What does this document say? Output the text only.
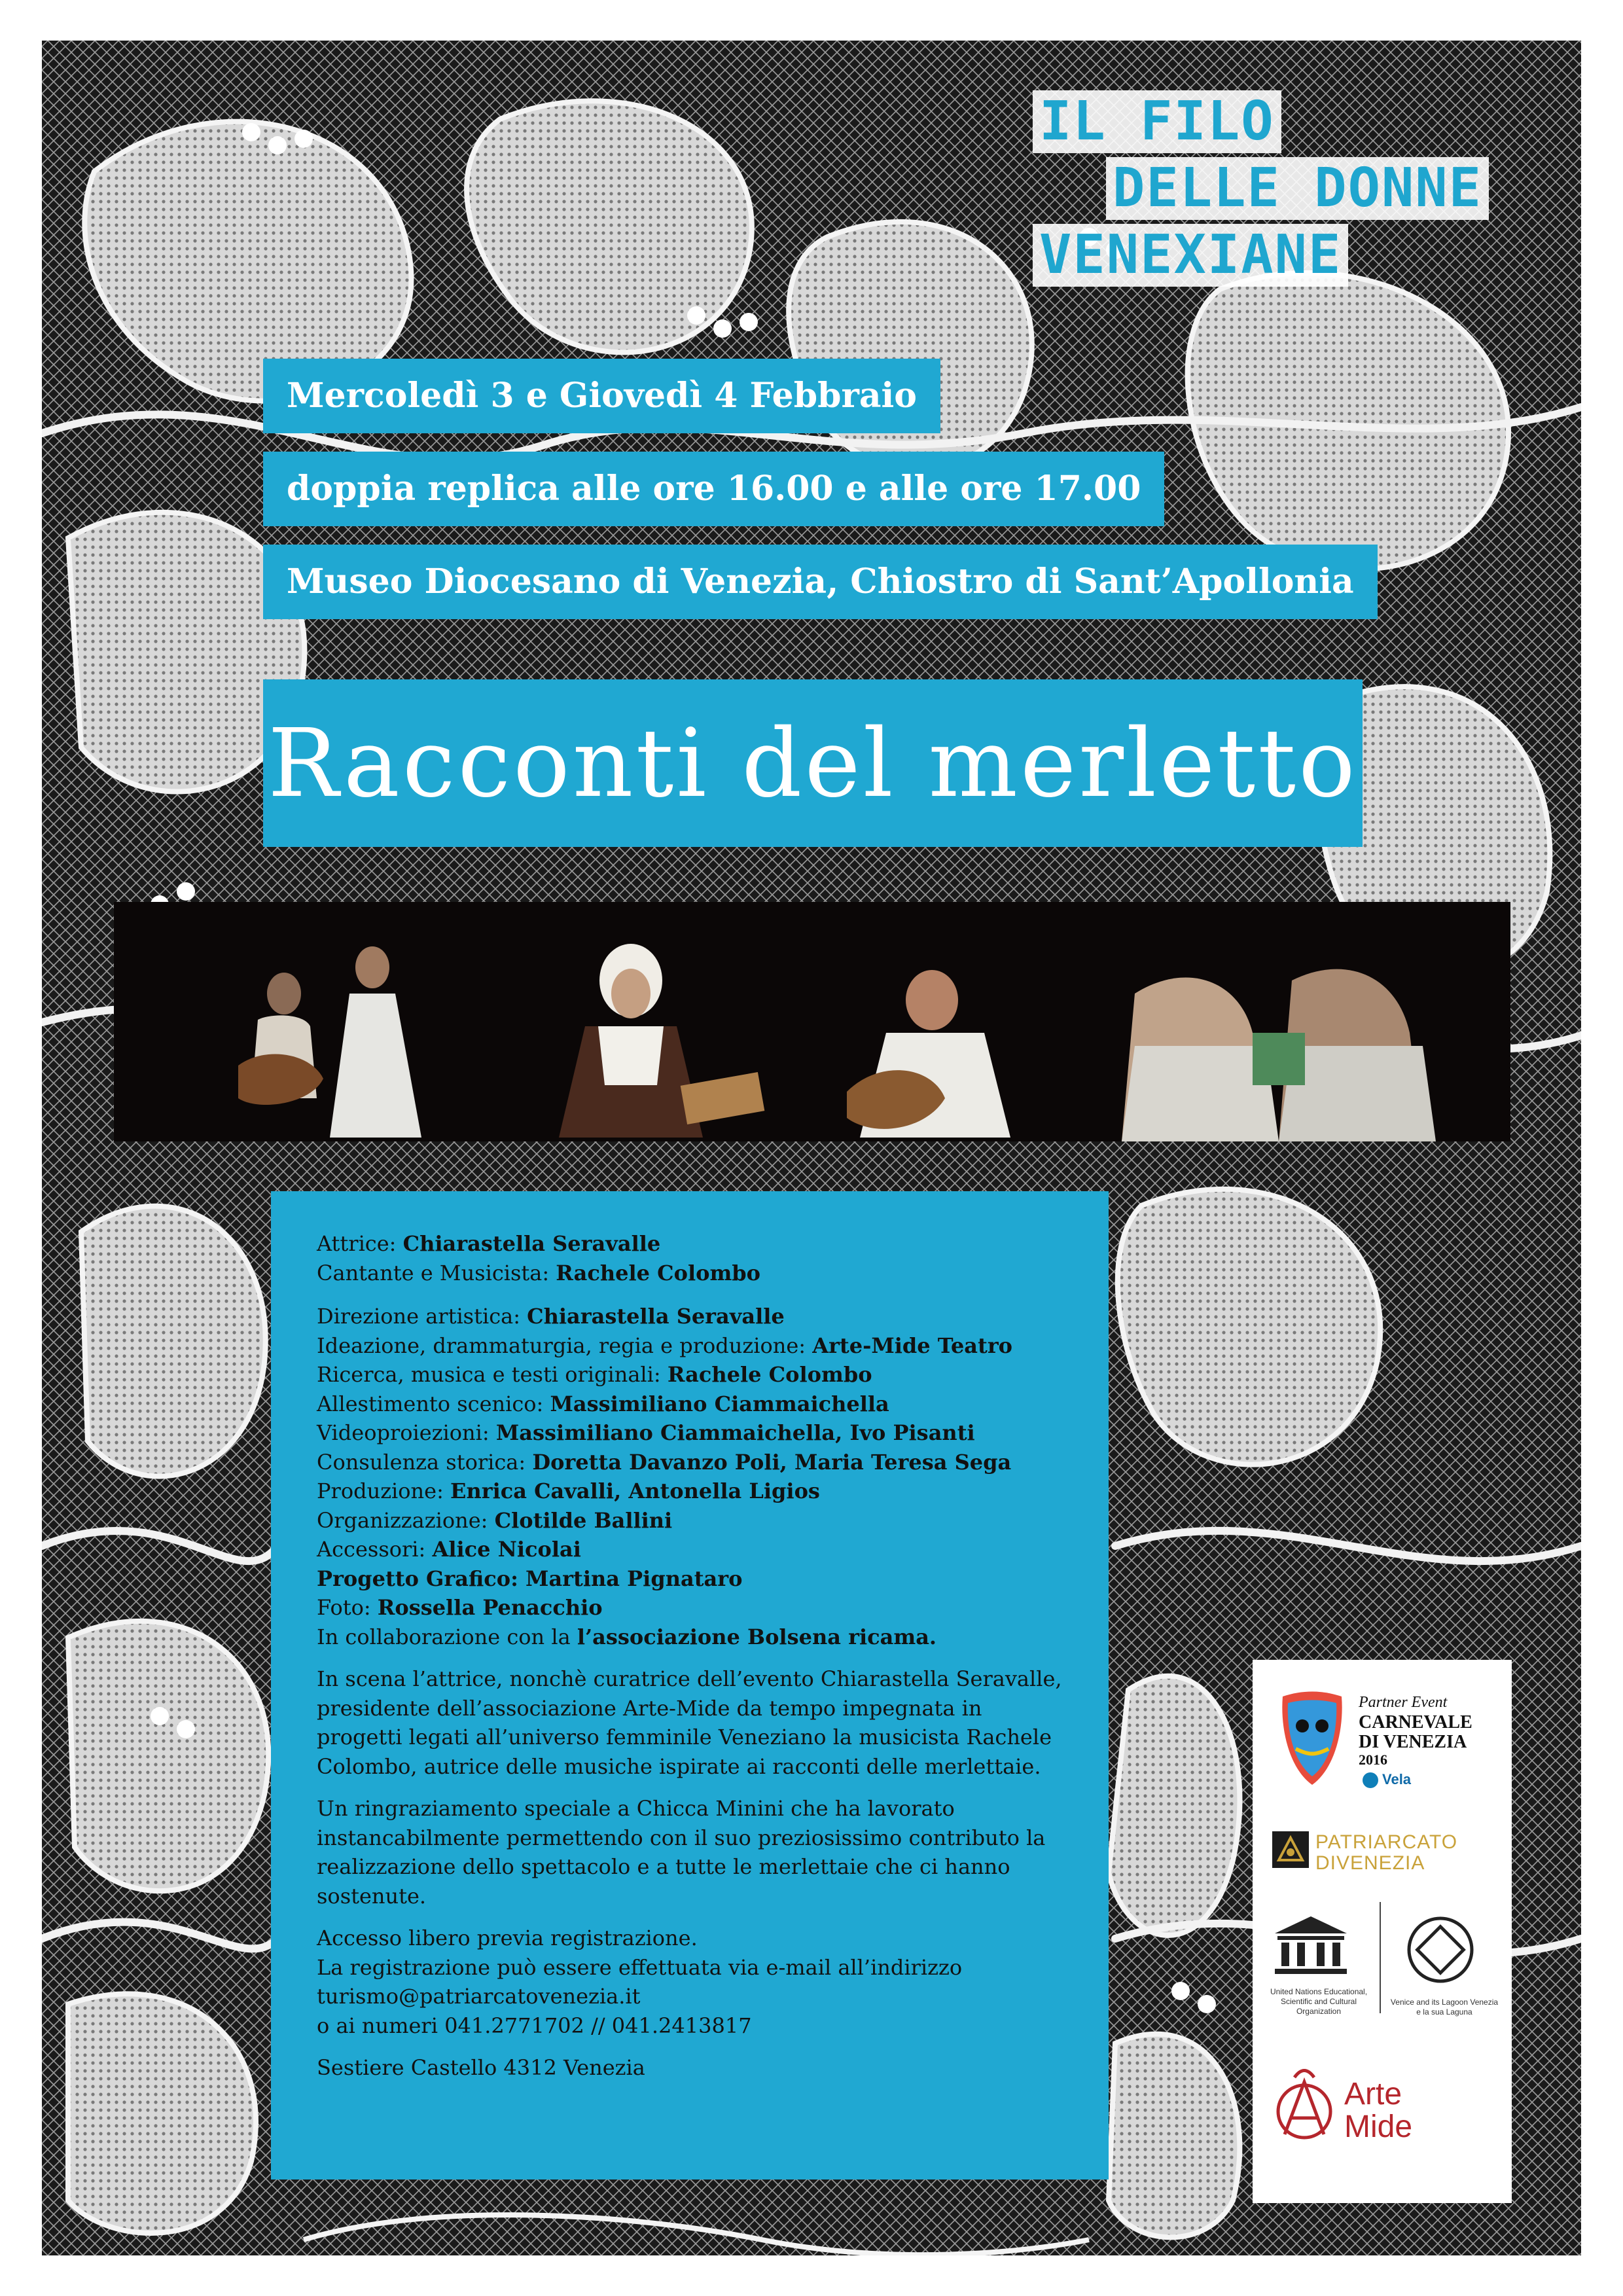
IL FILO
DELLE DONNE
VENEXIANE
Mercoledì 3 e Giovedì 4 Febbraio
doppia replica alle ore 16.00 e alle ore 17.00
Museo Diocesano di Venezia, Chiostro di Sant’Apollonia
Racconti del merletto
Attrice: Chiarastella Seravalle
Cantante e Musicista: Rachele Colombo
Direzione artistica: Chiarastella Seravalle
Ideazione, drammaturgia, regia e produzione: Arte-Mide Teatro
Ricerca, musica e testi originali: Rachele Colombo
Allestimento scenico: Massimiliano Ciammaichella
Videoproiezioni: Massimiliano Ciammaichella, Ivo Pisanti
Consulenza storica: Doretta Davanzo Poli, Maria Teresa Sega
Produzione: Enrica Cavalli, Antonella Ligios
Organizzazione: Clotilde Ballini
Accessori: Alice Nicolai
Progetto Grafico: Martina Pignataro
Foto: Rossella Penacchio
In collaborazione con la l’associazione Bolsena ricama.
In scena l’attrice, nonchè curatrice dell’evento Chiarastella Seravalle, presidente dell’associazione Arte-Mide da tempo impegnata in progetti legati all’universo femminile Veneziano la musicista Rachele Colombo, autrice delle musiche ispirate ai racconti delle merlettaie.
Un ringraziamento speciale a Chicca Minini che ha lavorato instancabilmente permettendo con il suo preziosissimo contributo la realizzazione dello spettacolo e a tutte le merlettaie che ci hanno sostenute.
Accesso libero previa registrazione.
La registrazione può essere effettuata via e-mail all’indirizzo
turismo@patriarcatovenezia.it
o ai numeri 041.2771702 // 041.2413817
Sestiere Castello 4312 Venezia
Partner Event
CARNEVALE
DI VENEZIA
2016
Vela
PATRIARCATO
DIVENEZIA
United Nations Educational, Scientific and Cultural Organization
Venice and its Lagoon Venezia e la sua Laguna
Arte
Mide
